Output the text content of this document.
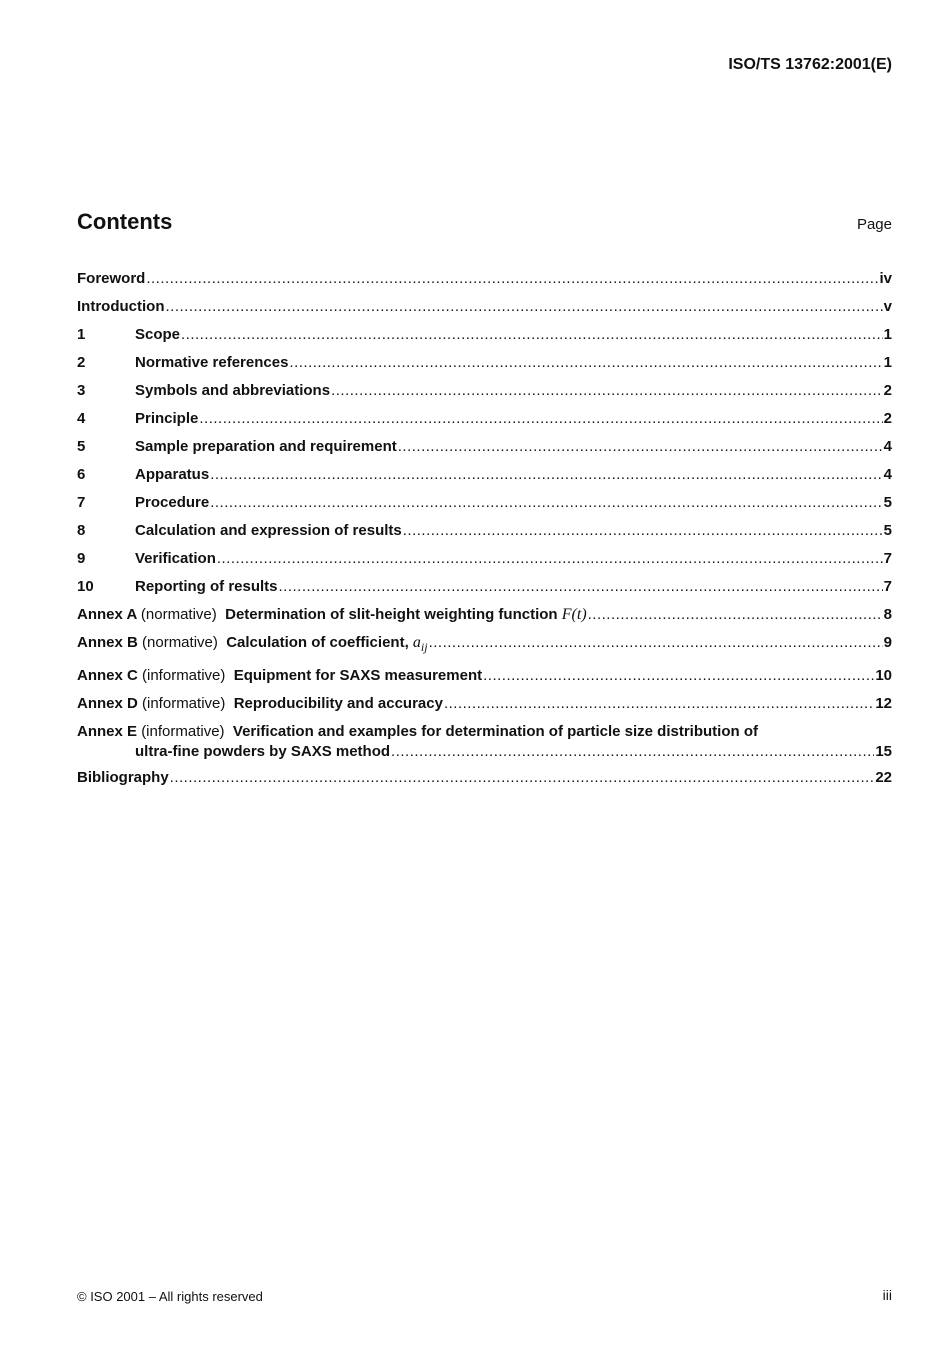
ISO/TS 13762:2001(E)
Contents	Page
Foreword .....	iv
Introduction .....	v
1	Scope .....	1
2	Normative references .....	1
3	Symbols and abbreviations .....	2
4	Principle .....	2
5	Sample preparation and requirement .....	4
6	Apparatus .....	4
7	Procedure .....	5
8	Calculation and expression of results .....	5
9	Verification .....	7
10	Reporting of results .....	7
Annex A (normative) Determination of slit-height weighting function F(t) .....	8
Annex B (normative) Calculation of coefficient, $a_{ij}$ .....	9
Annex C (informative) Equipment for SAXS measurement .....	10
Annex D (informative) Reproducibility and accuracy .....	12
Annex E (informative) Verification and examples for determination of particle size distribution of
ultra-fine powders by SAXS method .....	15
Bibliography .....	22
© ISO 2001 – All rights reserved	iii
